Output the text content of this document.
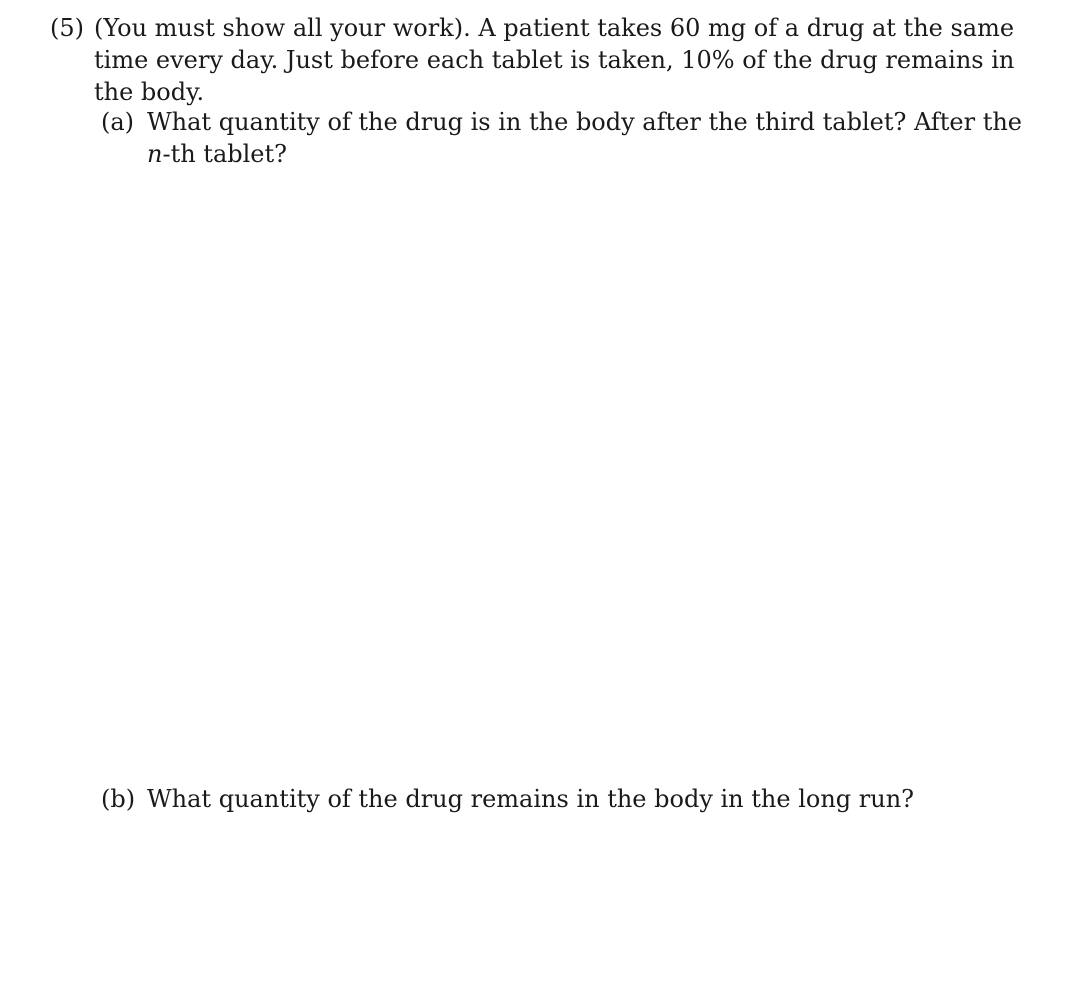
(5) (You must show all your work). A patient takes 60 mg of a drug at the same time every day. Just before each tablet is taken, 10% of the drug remains in the body.
(a) What quantity of the drug is in the body after the third tablet? After the n-th tablet?
(b) What quantity of the drug remains in the body in the long run?
